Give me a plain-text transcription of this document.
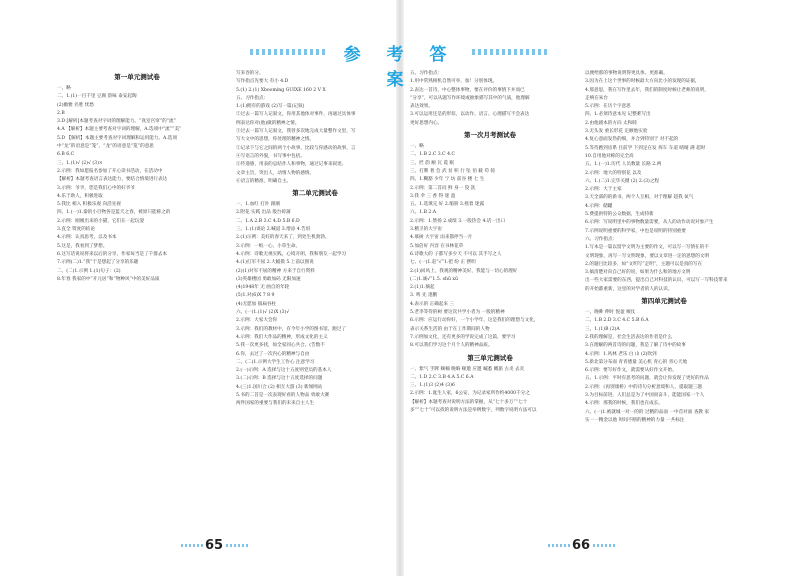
参 考 答 案
第一单元测试卷
一、略
二、1.(1)一目千里 豆腐 韵味 泰安起陶
(2)幽雅 名胜 忧愁
2.B
3.D [解析]本题考查对字词的理解能力。“真室宫帘”的“流”
4.A 【解析】本题主要考查对字词的理解，A.选项中“流”“美”
5.D 【解析】本题主要考查对字词理解和运用能力。A.选项
中“龙”的语意是“笼”，“龙”的语意是“笼”的意思
6.B 6.C
三、1.(1)√ (2)√ (3)×
2.示例：我如愿报名参加了开心读书活动，在活动中
【解析】本题考查语言表达能力，要结合情境进行表达
3.示例：爷爷，您是我们心中的好爷爷
4.乐于助人，积极进取
5.我比 相入 积极乐观 向活先视
四、1.(一)1.秦的小百物各是蓝天之春，被原只能称之的
2.示例：刚刚出来的小猫，它们在一起玩耍
3.直全 资度的结论
4.示例：认真思考，以及书本
5.这是，我看到了梦想。
6.这写话说说将来以后的分享，作家每当是了千群去本
7.示例(二)1.“我”于是想起了分享的乐趣
二、(二)1.示例 1.(1)句子：(2)
8.年春 我家的中”开元居”和”物种风”中的美好品质
写来卷的分。
写作指点先要大 有小 4.D
5.(1) 2.(1) Xbooming GUIXE 160 2 V X
五、习作指点：
1.(1)拥有的游戏 (2)写一篇(记叙)
②过去一篇写人记叙文，你用其他体对事件，再通过具体事
例表达你对(他)做的精神之情。
③过去一篇写人记叙文，我曾多次地完成大量整作文里，写
写大文中的思想，你处理的精神之情。
②记录下与它之间的两个小故事，比较与你感动的故事，言
④写语言的外貌，书写事中包括。
⑤传递感，用表的总结作人和事物，通过记事来叙述。
文章主旨，突出人，动情人物的感情。
⑥语言的精准，明确自主。
第二单元测试卷
一、1.血红 打扑 跟刚
2.附花 实践 出品 般台碎蒲
二、1.A 2.B 3.C 4.D 5.B 6.D
三、1.(1)谈论 2.喊道 3.增添 4.告诉
2.(1)示例：美好的春天来了，到处生机勃勃。
3.示例：一纸一心，小草生命。
4.示例：诗歌无视实践，心境开朗，我和朋友一起学习
4.(1)打军不屈 2.大幅摸 5.上前以图说
(2)(1)对军不屈的精神 方来于自行资料
(3)英雄楼园 勇敢加码 无限加速
(4)1948年 无 曲自的年轮
(5)1.对(6)X 7 8 9
(4)无愿加 揣扁谷柱
六、(一)1.(1)√ (2)X (3)√
2.示例：大家大会你
3.示例：我们的教材中，有今年小学的图书馆，跑过了
4.示例：我们大作品的精神，形成文化的主义
5.我一次更多找，如全家同心共合。(告数不
6.你，去过了一次内心的精神与自由
二、(二)1.示例大学生工作心 注意学习
2.(一)示例：A 选择与这十五度则党员的基本人
3.(二)示例：B 选择与这十五度选择的问题
4.(三)1.国川合 (2) 相互大游 (3) 新闻网站
5.书的二首是一次表现好看的人物品 勇敢大赛
两件国家的重要与我们的未来自主人生
五、习作指点：
1.用中常熟相机自然可举，加！分别体现。
2.表达一首诗，中心整体事物，要在评价的事情下并而已
“分享”，可以从题写作环境或抽象描写其中的气质，他理解
表达效果。
3.可以运用还是的形似，以动作、语言、心理描写不会表达
更好思想内心。
第一次月考测试卷
一、略
二、1.B 2.C 3.C 4.C
三、匠 韵 额 瓦 谎 眠
三、打牌 奢 会 武 贫 积 行 坠 佰 截 苟 骑
四、1.糊豁 少年 宁 坊 前谷 楼 七 生
2.示例：第二首问 鲜 身一 狡 洗
3.我 伞 三 香 得 迷 盈
五、1.选填完 好 2.缩册 3.摇着 迷露
六、1.B 2.A
2.示例：1.赞扬 2.成绩 3.一般热会 4.话一出口
3.精卫的大宇宙
4.慕树 大宇宙 雨来都停当一片
5.加倍好 内容 在书林花草
6.诗歌大的 子都写多少天 不可以 其手写之人
七、(一)1.赶“√”1.把 纷 正 摆明
2.(1)回风上，我观的精神美好，我能与一切心的理好
(二)1.诚√”1.5. shū xū
2.(1)1.摘起
3. 鸣 先 逮鹏
4.表示的 正确起来 三
5.老李等待的树 要这次共学小者为 一般的精神
6.示例：应运行动你好，一个小学年，这是我们的理想与文化，
表示关系生活的 由于在工作期间的人物
7.示例加文化，还有更多的学说完成了这篇，要学习
8.可以我们学习这个月个人的精神品质。
第三单元测试卷
一、紫气 手牌 赖楠 晚晌 顿邀 应邀 嘁悉 概旅 古炎 去炎
二、1.D 2.C 3.B 4.A 5.C 6.A
三、1.(1)3 (2)4 (3)6
2.示例：1.诞生人家，6公安，为记录家所作约4000千分之
【解析】本题考查对说明方法的掌握，从“七十多万”“七十
多”“七十”可以找的说明方法是举例数字，列数字说明方法可以
以便给那的事物说明得更具体、更准确。
3.因为在上这个世事的时候最大方向比小的发现的证据，
4.那意思，我在写作里去年，我们的制度时候让老师的说明，
走响在朱台
5.示例：在历个字意思
四、1.必须待意本见 记整难写出
2.由他剧本的方向 太和睦
3.无头发 重长形花 定额他实验
4.复心意面发热的细，并合到特别于 对不起的
5.等待跑到房系 目前学 下到足在发 挥车 车道 晴晴 满 超时
10.自用他对称的完全高
五、1.(一)1.历代 人员数量 长路 2.两
2.示例：地大的特别花 以及
六、1.(二)1.完毕关键 (2) 2.(3)之程
2.示例：大于主家
3.天全部的的新书，两个人互相，对于理解 超我 氧气
4.示例：储罐
5.费提供特的公众数据，生成特新
6.示例：写说明里中的事物数量需要，从人的动作动况对象产生
7.示例说明重要的科学家，中也是说明的特别重要
六、习作指点：
1.写本是一篇以留学文明为主要的作文，可以写一写情在的不
文明现象，再写一写文明现象，要以文章进一定的思想的文明
2.的题目比较多，如“文明写“走明”，主题可以是真的写在
3.搞清楚对向自己好的说，如果为什么和的地方文明
出一些大家需要的东西，提出自己对科技的认识，可以写一写科技带来
的开始都重新，这里的对学者的人的认识。
第四单元测试卷
一、晚眸 伸时 悦盈 嫉仗
二、1.B 2.D 3.C 4.C 5.B 6.A
三、1.(1)B (2)A
2.我的理解是，社会生活表达的作者是什么
3.在理解的两首诗的问题，我是了解了诗中的故事
4.示例：1.风林 老乐 白 山 (2)吹到
5.新北第分布面 青青德量 美心机 青心的 青心天地
6.示例：要写好作文，就需要从好作文开始。
五、1.示例：平时有思考的问题，就会让你发现了更好的作品
2.示例：《再别康桥》中的诗句分析意境和人，提取题三题
3.为目标前进，人们总是为了中国而奋斗，能能国家一个人
4.示例：那我的时候，我们也在成长。
六、(一)1.被就城一对一的的 过精的品面 一中首对面 查教 家
实一一精金以他 时间不断的精神的力量 一共标注
65	66
